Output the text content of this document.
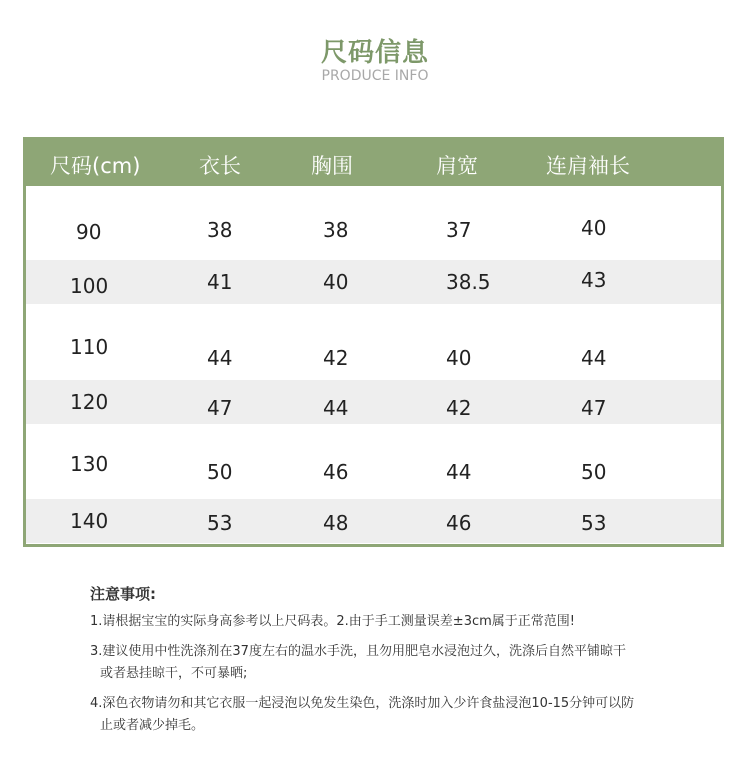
尺码信息
PRODUCE INFO
尺码(cm)	衣长	胸围	肩宽	连肩袖长
90	38	38	37	40
100	41	40	38.5	43
110	44	42	40	44
120	47	44	42	47
130	50	46	44	50
140	53	48	46	53
注意事项:
1.请根据宝宝的实际身高参考以上尺码表。2.由于手工测量误差±3cm属于正常范围!
3.建议使用中性洗涤剂在37度左右的温水手洗，且勿用肥皂水浸泡过久，洗涤后自然平铺晾干
或者悬挂晾干，不可暴晒;
4.深色衣物请勿和其它衣服一起浸泡以免发生染色，洗涤时加入少许食盐浸泡10-15分钟可以防
止或者减少掉毛。
